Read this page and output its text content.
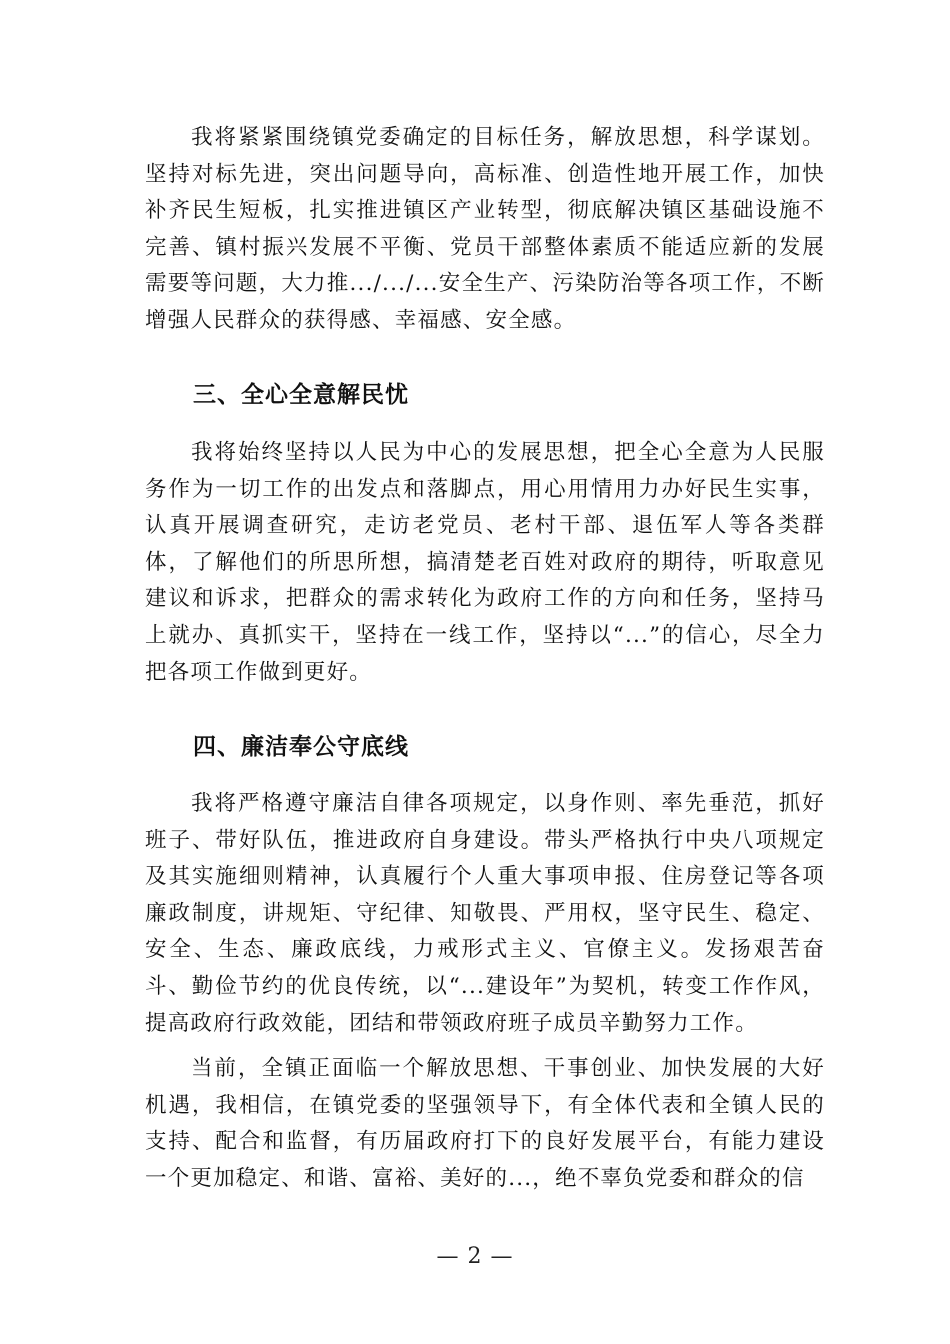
我将紧紧围绕镇党委确定的目标任务，解放思想，科学谋划。坚持对标先进，突出问题导向，高标准、创造性地开展工作，加快补齐民生短板，扎实推进镇区产业转型，彻底解决镇区基础设施不完善、镇村振兴发展不平衡、党员干部整体素质不能适应新的发展需要等问题，大力推.../.../...安全生产、污染防治等各项工作，不断增强人民群众的获得感、幸福感、安全感。

三、全心全意解民忧

我将始终坚持以人民为中心的发展思想，把全心全意为人民服务作为一切工作的出发点和落脚点，用心用情用力办好民生实事，认真开展调查研究，走访老党员、老村干部、退伍军人等各类群体，了解他们的所思所想，搞清楚老百姓对政府的期待，听取意见建议和诉求，把群众的需求转化为政府工作的方向和任务，坚持马上就办、真抓实干，坚持在一线工作，坚持以“...”的信心，尽全力把各项工作做到更好。

四、廉洁奉公守底线

我将严格遵守廉洁自律各项规定，以身作则、率先垂范，抓好班子、带好队伍，推进政府自身建设。带头严格执行中央八项规定及其实施细则精神，认真履行个人重大事项申报、住房登记等各项廉政制度，讲规矩、守纪律、知敬畏、严用权，坚守民生、稳定、安全、生态、廉政底线，力戒形式主义、官僚主义。发扬艰苦奋斗、勤俭节约的优良传统，以“...建设年”为契机，转变工作作风，提高政府行政效能，团结和带领政府班子成员辛勤努力工作。

当前，全镇正面临一个解放思想、干事创业、加快发展的大好机遇，我相信，在镇党委的坚强领导下，有全体代表和全镇人民的支持、配合和监督，有历届政府打下的良好发展平台，有能力建设一个更加稳定、和谐、富裕、美好的...，绝不辜负党委和群众的信

— 2 —
